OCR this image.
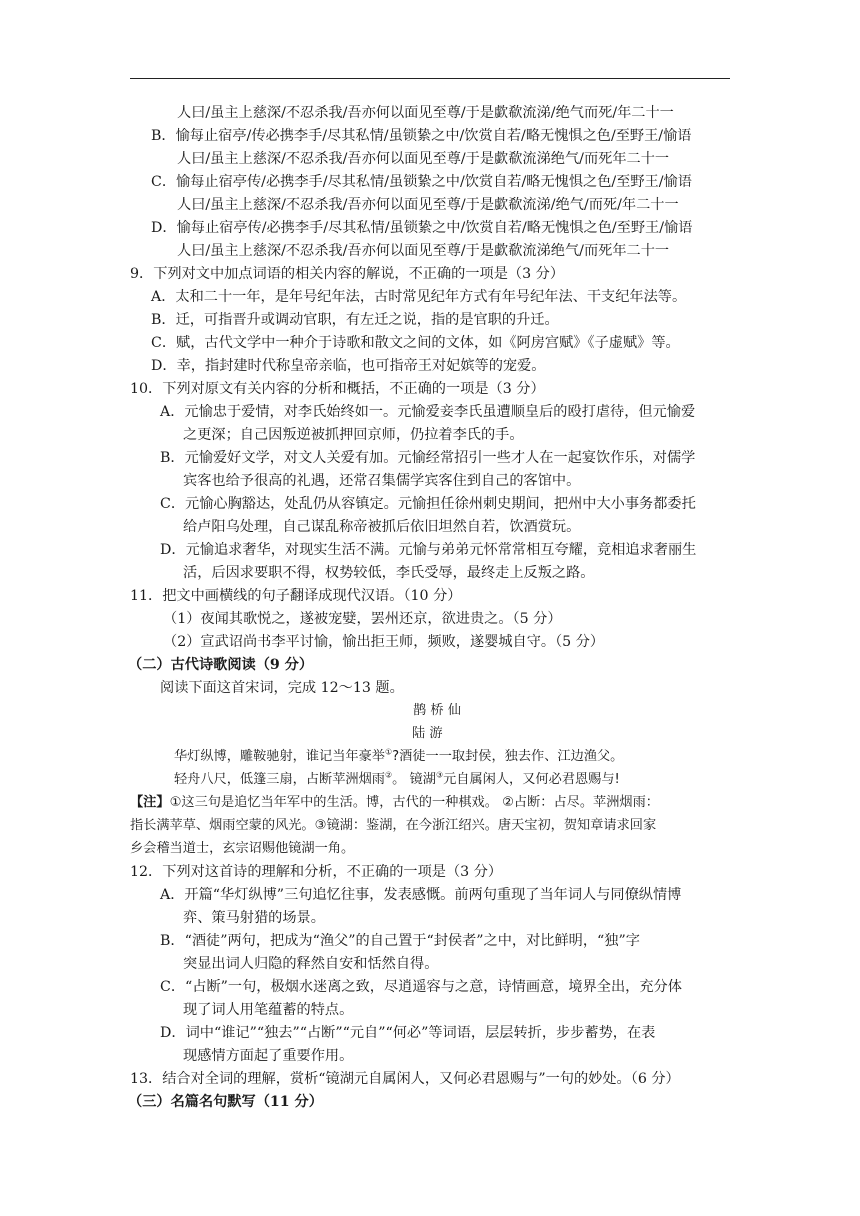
人曰/虽主上慈深/不忍杀我/吾亦何以面见至尊/于是歔欷流涕/绝气而死/年二十一
B．愉每止宿亭/传必携李手/尽其私情/虽锁絷之中/饮赏自若/略无愧惧之色/至野王/愉语
人曰/虽主上慈深/不忍杀我/吾亦何以面见至尊/于是歔欷流涕绝气/而死年二十一
C．愉每止宿亭传/必携李手/尽其私情/虽锁絷之中/饮赏自若/略无愧惧之色/至野王/愉语
人曰/虽主上慈深/不忍杀我/吾亦何以面见至尊/于是歔欷流涕/绝气/而死/年二十一
D．愉每止宿亭传/必携李手/尽其私情/虽锁絷之中/饮赏自若/略无愧惧之色/至野王/愉语
人曰/虽主上慈深/不忍杀我/吾亦何以面见至尊/于是歔欷流涕绝气/而死年二十一
9．下列对文中加点词语的相关内容的解说，不正确的一项是（3 分）
A．太和二十一年，是年号纪年法，古时常见纪年方式有年号纪年法、干支纪年法等。
B．迁，可指晋升或调动官职，有左迁之说，指的是官职的升迁。
C．赋，古代文学中一种介于诗歌和散文之间的文体，如《阿房宫赋》《子虚赋》等。
D．幸，指封建时代称皇帝亲临，也可指帝王对妃嫔等的宠爱。
10．下列对原文有关内容的分析和概括，不正确的一项是（3 分）
A．元愉忠于爱情，对李氏始终如一。元愉爱妾李氏虽遭顺皇后的殴打虐待，但元愉爱
之更深；自己因叛逆被抓押回京师，仍拉着李氏的手。
B．元愉爱好文学，对文人关爱有加。元愉经常招引一些才人在一起宴饮作乐，对儒学
宾客也给予很高的礼遇，还常召集儒学宾客住到自己的客馆中。
C．元愉心胸豁达，处乱仍从容镇定。元愉担任徐州刺史期间，把州中大小事务都委托
给卢阳乌处理，自己谋乱称帝被抓后依旧坦然自若，饮酒赏玩。
D．元愉追求奢华，对现实生活不满。元愉与弟弟元怀常常相互夸耀，竞相追求奢丽生
活，后因求要职不得，权势较低，李氏受辱，最终走上反叛之路。
11．把文中画横线的句子翻译成现代汉语。（10 分）
（1）夜闻其歌悦之，遂被宠嬖，罢州还京，欲进贵之。（5 分）
（2）宣武诏尚书李平讨愉，愉出拒王师，频败，遂婴城自守。（5 分）
（二）古代诗歌阅读（9 分）
阅读下面这首宋词，完成 12～13 题。
鹊 桥 仙
陆 游
华灯纵博，雕鞍驰射，谁记当年豪举①?酒徒一一取封侯，独去作、江边渔父。
轻舟八尺，低篷三扇，占断苹洲烟雨②。 镜湖③元自属闲人，又何必君恩赐与!
【注】①这三句是追忆当年军中的生活。博，古代的一种棋戏。 ②占断：占尽。苹洲烟雨：
指长满苹草、烟雨空蒙的风光。③镜湖：鉴湖，在今浙江绍兴。唐天宝初，贺知章请求回家
乡会稽当道士，玄宗诏赐他镜湖一角。
12．下列对这首诗的理解和分析，不正确的一项是（3 分）
A．开篇“华灯纵博”三句追忆往事，发表感慨。前两句重现了当年词人与同僚纵情博
弈、策马射猎的场景。
B．“酒徒”两句，把成为“渔父”的自己置于“封侯者”之中，对比鲜明，“独”字
突显出词人归隐的释然自安和恬然自得。
C．“占断”一句，极烟水迷离之致，尽逍遥容与之意，诗情画意，境界全出，充分体
现了词人用笔蕴蓄的特点。
D．词中“谁记”“独去”“占断”“元自”“何必”等词语，层层转折，步步蓄势，在表
现感情方面起了重要作用。
13．结合对全词的理解，赏析“镜湖元自属闲人，又何必君恩赐与”一句的妙处。（6 分）
（三）名篇名句默写（11 分）
